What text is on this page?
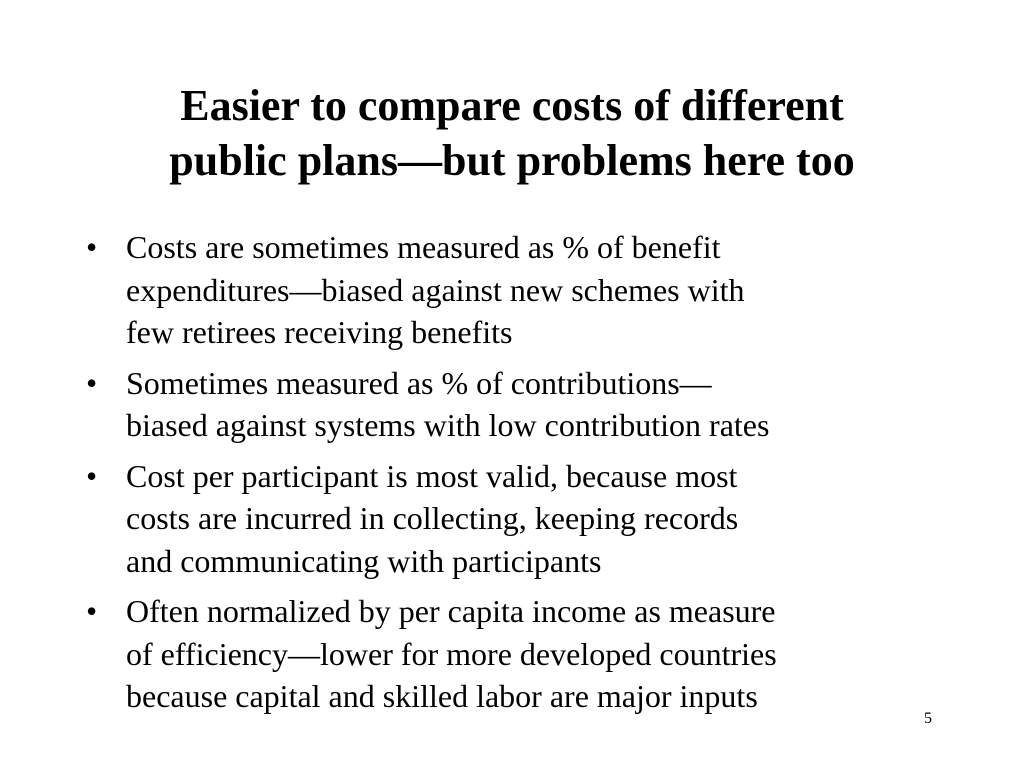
Easier to compare costs of different
public plans—but problems here too
• Costs are sometimes measured as % of benefit
expenditures—biased against new schemes with
few retirees receiving benefits
• Sometimes measured as % of contributions—
biased against systems with low contribution rates
• Cost per participant is most valid, because most
costs are incurred in collecting, keeping records
and communicating with participants
• Often normalized by per capita income as measure
of efficiency—lower for more developed countries
because capital and skilled labor are major inputs
5
